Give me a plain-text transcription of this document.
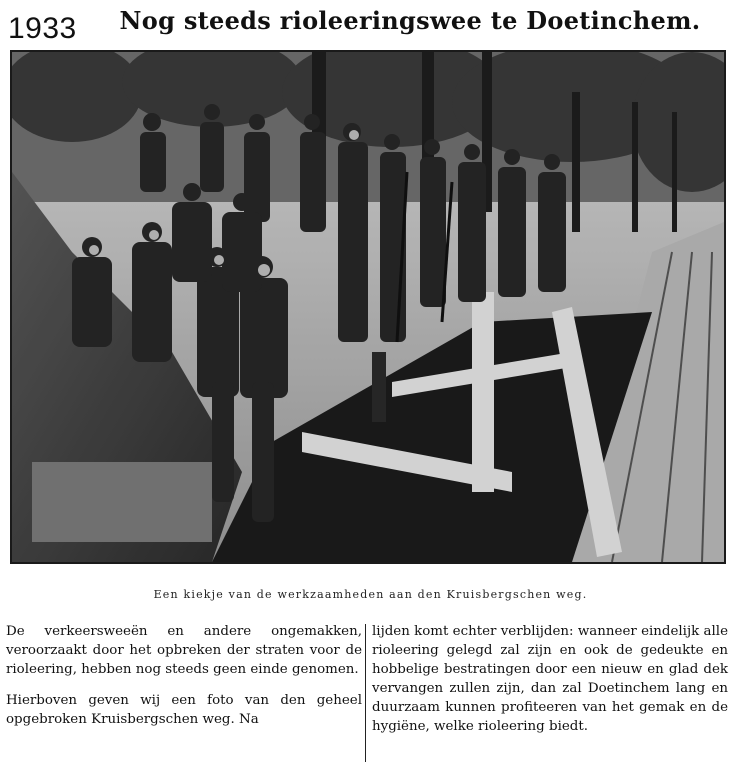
1933	Nog steeds rioleeringswee te Doetinchem.
Een kiekje van de werkzaamheden aan den Kruisbergschen weg.

De verkeersweeën en andere ongemakken, veroorzaakt door het opbreken der straten voor de rioleering, hebben nog steeds geen einde genomen.

Hierboven geven wij een foto van den geheel opgebroken Kruisbergschen weg. Na

lijden komt echter verblijden: wanneer eindelijk alle rioleering gelegd zal zijn en ook de gedeukte en hobbelige bestratingen door een nieuw en glad dek vervangen zullen zijn, dan zal Doetinchem lang en duurzaam kunnen profiteeren van het gemak en de hygiëne, welke rioleering biedt.
